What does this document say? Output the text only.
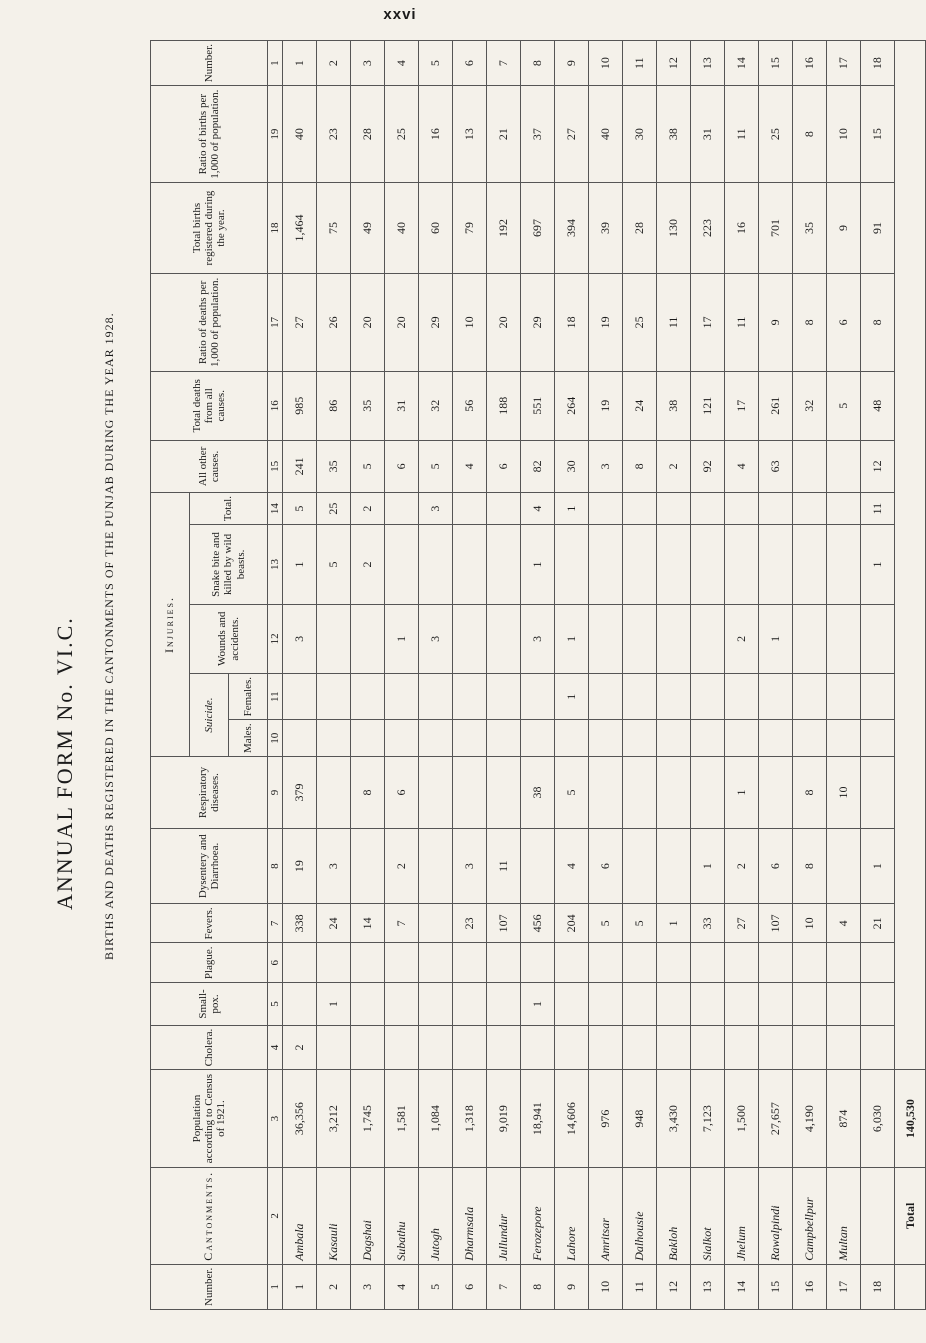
xxvi
ANNUAL FORM No. VI.C. BIRTHS AND DEATHS REGISTERED IN THE CANTONMENTS OF THE PUNJAB DURING THE YEAR 1928.
Number.	Cantonments.	Population according to Census of 1921.	Cholera.	Small-pox.	Plague.	Fevers.	Dysentery and Diarrhoea.	Respiratory diseases.	Injuries.					All other causes.	Total deaths from all causes.	Ratio of deaths per 1,000 of population.	Total births registered during the year.	Ratio of births per 1,000 of population.	Number.
									Suicide.		Wounds and accidents.	Snake bite and killed by wild beasts.	Total.						
									Males.	Females.									
1	2	3	4	5	6	7	8	9	10	11	12	13	14	15	16	17	18	19	1
1	Ambala	36,356	2			338	19	379			3	1	5	241	985	27	1,464	40	1
2	Kasauli	3,212		1		24	3					5	25	35	86	26	75	23	2
3	Dagshai	1,745				14		8				2	2	5	35	20	49	28	3
4	Subathu	1,581				7	2	6			1			6	31	20	40	25	4
5	Jutogh	1,084									3		3	5	32	29	60	16	5
6	Dharmsala	1,318				23	3							4	56	10	79	13	6
7	Jullundur	9,019				107	11							6	188	20	192	21	7
8	Ferozepore	18,941		1		456		38			3	1	4	82	551	29	697	37	8
9	Lahore	14,606				204	4	5		1	1		1	30	264	18	394	27	9
10	Amritsar	976				5	6							3	19	19	39	40	10
11	Dalhousie	948				5								8	24	25	28	30	11
12	Bakloh	3,430				1								2	38	11	130	38	12
13	Sialkot	7,123				33	1							92	121	17	223	31	13
14	Jhelum	1,500				27	2	1			2			4	17	11	16	11	14
15	Rawalpindi	27,657				107	6				1			63	261	9	701	25	15
16	Campbellpur	4,190				10	8	8							32	8	35	8	16
17	Multan	874				4		10							5	6	9	10	17
18		6,030				21	1					1	11	12	48	8	91	15	18
	Total	140,530																	
